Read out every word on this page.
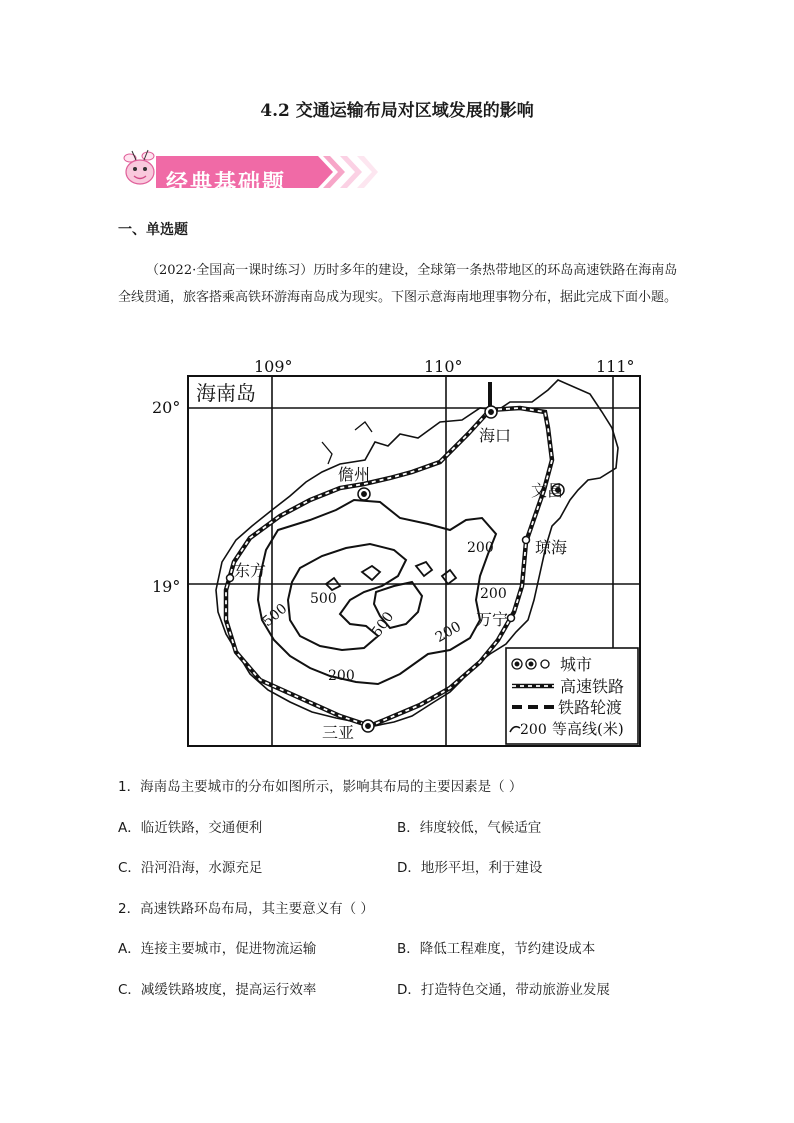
4.2 交通运输布局对区域发展的影响
经典基础题
一、单选题
（2022·全国高一课时练习）历时多年的建设，全球第一条热带地区的环岛高速铁路在海南岛全线贯通，旅客搭乘高铁环游海南岛成为现实。下图示意海南地理事物分布，据此完成下面小题。
109°	110°	111°
20°
19°
海南岛
200
200
500
500	500	200
200
海口
儋州
文昌
琼海
东方
万宁
三亚
城市
高速铁路
铁路轮渡
200 等高线(米)
1．海南岛主要城市的分布如图所示，影响其布局的主要因素是（ ）
A．临近铁路，交通便利	B．纬度较低，气候适宜
C．沿河沿海，水源充足	D．地形平坦，利于建设
2．高速铁路环岛布局，其主要意义有（ ）
A．连接主要城市，促进物流运输	B．降低工程难度，节约建设成本
C．减缓铁路坡度，提高运行效率	D．打造特色交通，带动旅游业发展
